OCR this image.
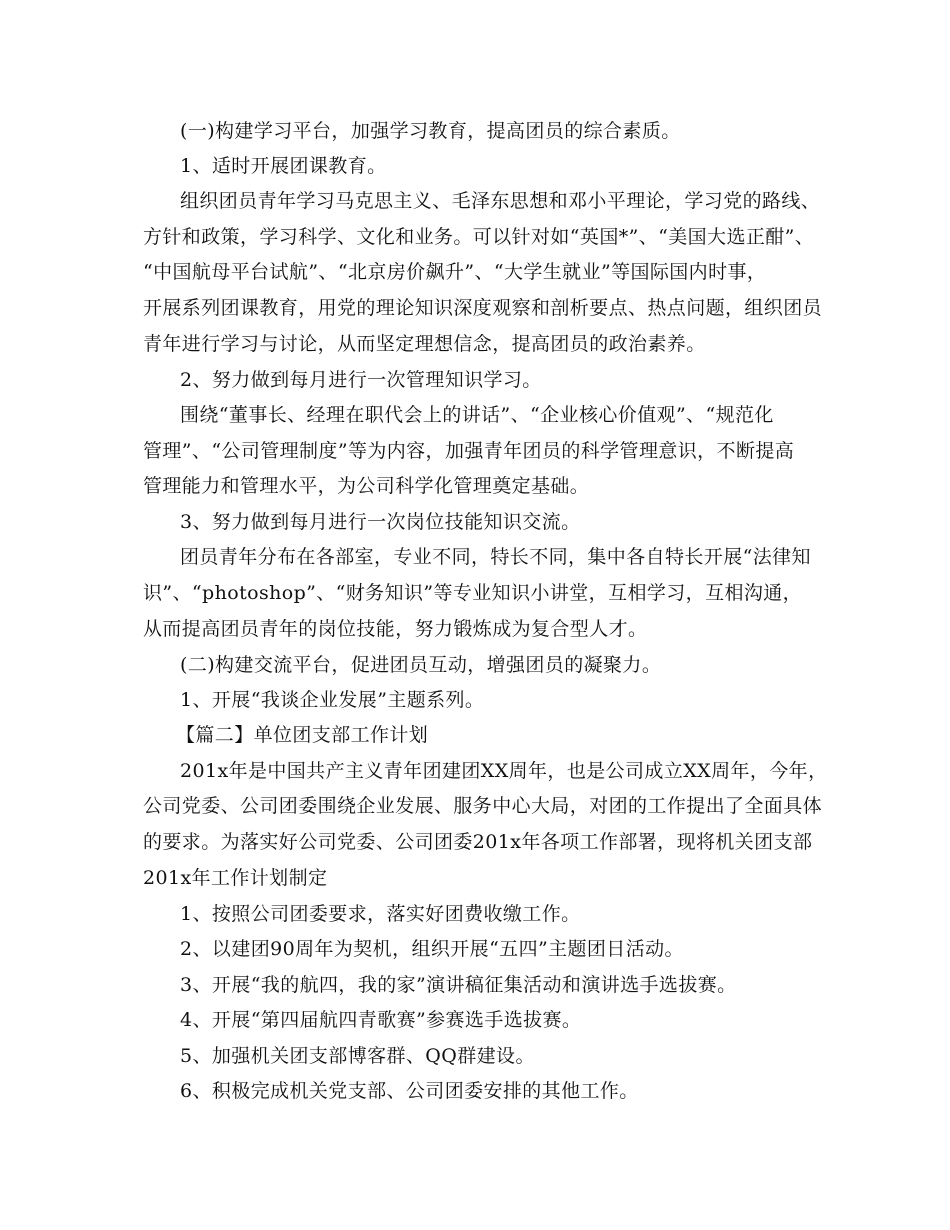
(一)构建学习平台，加强学习教育，提高团员的综合素质。
1、适时开展团课教育。
组织团员青年学习马克思主义、毛泽东思想和邓小平理论，学习党的路线、
方针和政策，学习科学、文化和业务。可以针对如“英国*”、“美国大选正酣”、
“中国航母平台试航”、“北京房价飙升”、“大学生就业”等国际国内时事，
开展系列团课教育，用党的理论知识深度观察和剖析要点、热点问题，组织团员
青年进行学习与讨论，从而坚定理想信念，提高团员的政治素养。
2、努力做到每月进行一次管理知识学习。
围绕“董事长、经理在职代会上的讲话”、“企业核心价值观”、“规范化
管理”、“公司管理制度”等为内容，加强青年团员的科学管理意识，不断提高
管理能力和管理水平，为公司科学化管理奠定基础。
3、努力做到每月进行一次岗位技能知识交流。
团员青年分布在各部室，专业不同，特长不同，集中各自特长开展“法律知
识”、“photoshop”、“财务知识”等专业知识小讲堂，互相学习，互相沟通，
从而提高团员青年的岗位技能，努力锻炼成为复合型人才。
(二)构建交流平台，促进团员互动，增强团员的凝聚力。
1、开展“我谈企业发展”主题系列。
【篇二】单位团支部工作计划
201x年是中国共产主义青年团建团XX周年，也是公司成立XX周年，今年，
公司党委、公司团委围绕企业发展、服务中心大局，对团的工作提出了全面具体
的要求。为落实好公司党委、公司团委201x年各项工作部署，现将机关团支部
201x年工作计划制定
1、按照公司团委要求，落实好团费收缴工作。
2、以建团90周年为契机，组织开展“五四”主题团日活动。
3、开展“我的航四，我的家”演讲稿征集活动和演讲选手选拔赛。
4、开展“第四届航四青歌赛”参赛选手选拔赛。
5、加强机关团支部博客群、QQ群建设。
6、积极完成机关党支部、公司团委安排的其他工作。
